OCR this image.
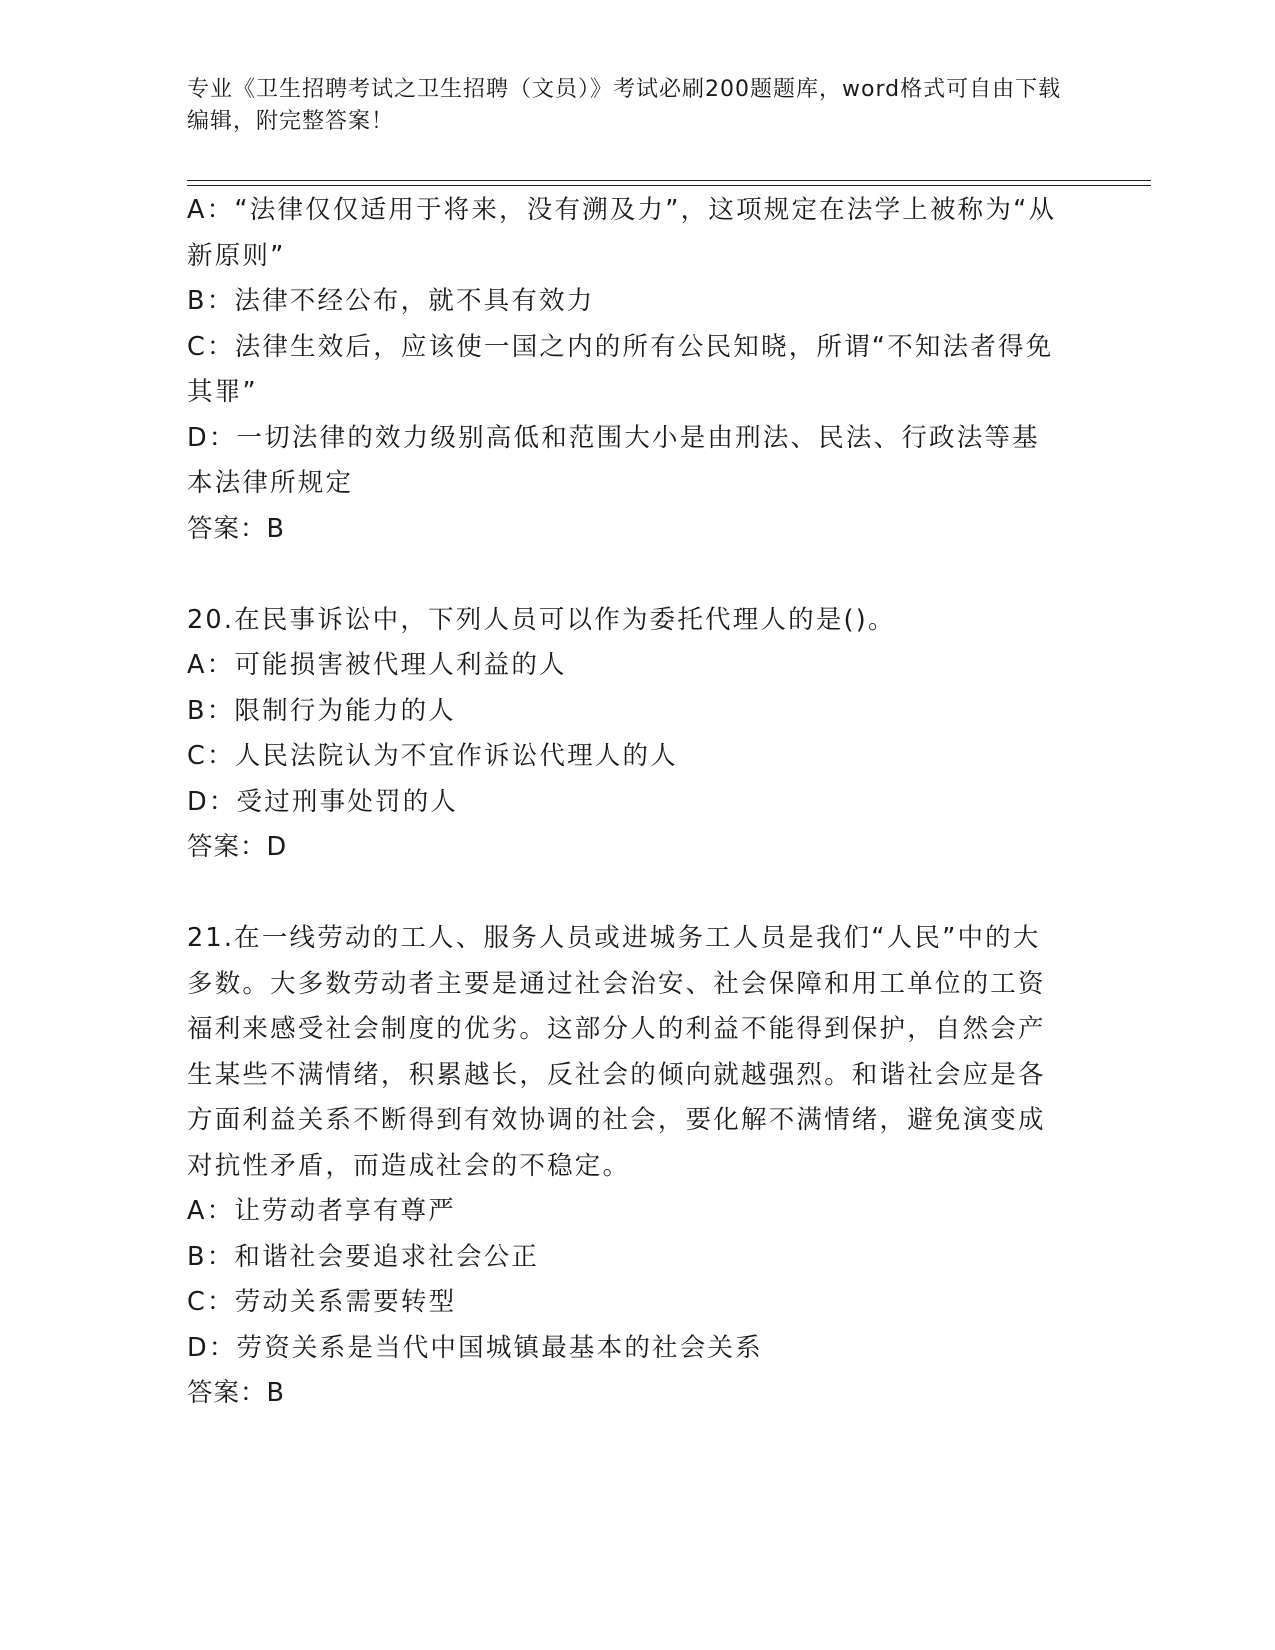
专业《卫生招聘考试之卫生招聘（文员）》考试必刷200题题库，word格式可自由下载编辑，附完整答案！

A：“法律仅仅适用于将来，没有溯及力”，这项规定在法学上被称为“从新原则”

B：法律不经公布，就不具有效力

C：法律生效后，应该使一国之内的所有公民知晓，所谓“不知法者得免其罪”

D：一切法律的效力级别高低和范围大小是由刑法、民法、行政法等基本法律所规定

答案：B

20.在民事诉讼中，下列人员可以作为委托代理人的是()。

A：可能损害被代理人利益的人

B：限制行为能力的人

C：人民法院认为不宜作诉讼代理人的人

D：受过刑事处罚的人

答案：D

21.在一线劳动的工人、服务人员或进城务工人员是我们“人民”中的大多数。大多数劳动者主要是通过社会治安、社会保障和用工单位的工资福利来感受社会制度的优劣。这部分人的利益不能得到保护，自然会产生某些不满情绪，积累越长，反社会的倾向就越强烈。和谐社会应是各方面利益关系不断得到有效协调的社会，要化解不满情绪，避免演变成对抗性矛盾，而造成社会的不稳定。

A：让劳动者享有尊严

B：和谐社会要追求社会公正

C：劳动关系需要转型

D：劳资关系是当代中国城镇最基本的社会关系

答案：B
